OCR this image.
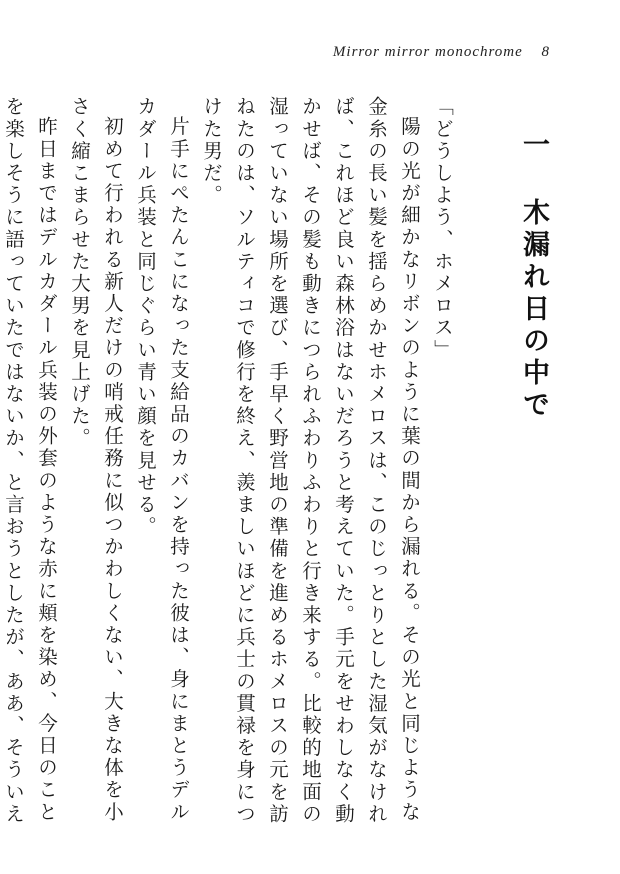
Mirror mirror monochrome 8
一木漏れ日の中で

「どうしよう、ホメロス」

陽の光が細かなリボンのように葉の間から漏れる。その光と同じような金糸の長い髪を揺らめかせホメロスは、このじっとりとした湿気がなければ、これほど良い森林浴はないだろうと考えていた。手元をせわしなく動かせば、その髪も動きにつられふわりふわりと行き来する。比較的地面の湿っていない場所を選び、手早く野営地の準備を進めるホメロスの元を訪ねたのは、ソルティコで修行を終え、羨ましいほどに兵士の貫禄を身につけた男だ。

片手にぺたんこになった支給品のカバンを持った彼は、身にまとうデルカダール兵装と同じぐらい青い顔を見せる。

初めて行われる新人だけの哨戒任務に似つかわしくない、大きな体を小さく縮こまらせた大男を見上げた。

昨日まではデルカダール兵装の外套のような赤に頬を染め、今日のことを楽しそうに語っていたではないか、と言おうとしたが、ああ、そういえ
